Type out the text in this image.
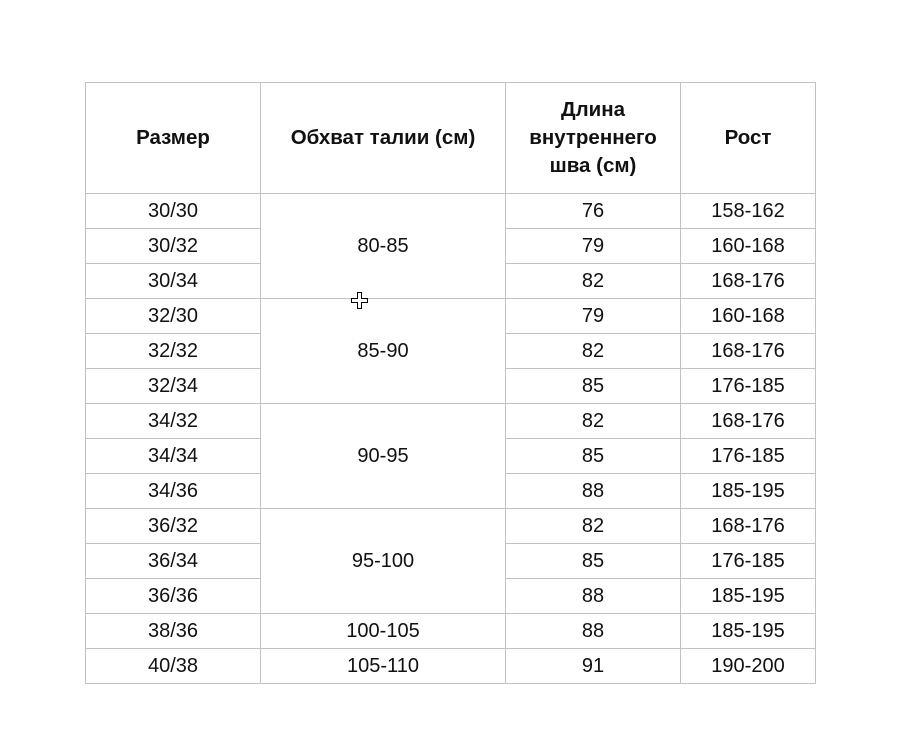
Размер	Обхват талии (см)	Длина внутреннего шва (см)	Рост
30/30	80-85	76	158-162
30/32		79	160-168
30/34		82	168-176
32/30	85-90	79	160-168
32/32		82	168-176
32/34		85	176-185
34/32	90-95	82	168-176
34/34		85	176-185
34/36		88	185-195
36/32	95-100	82	168-176
36/34		85	176-185
36/36		88	185-195
38/36	100-105	88	185-195
40/38	105-110	91	190-200
